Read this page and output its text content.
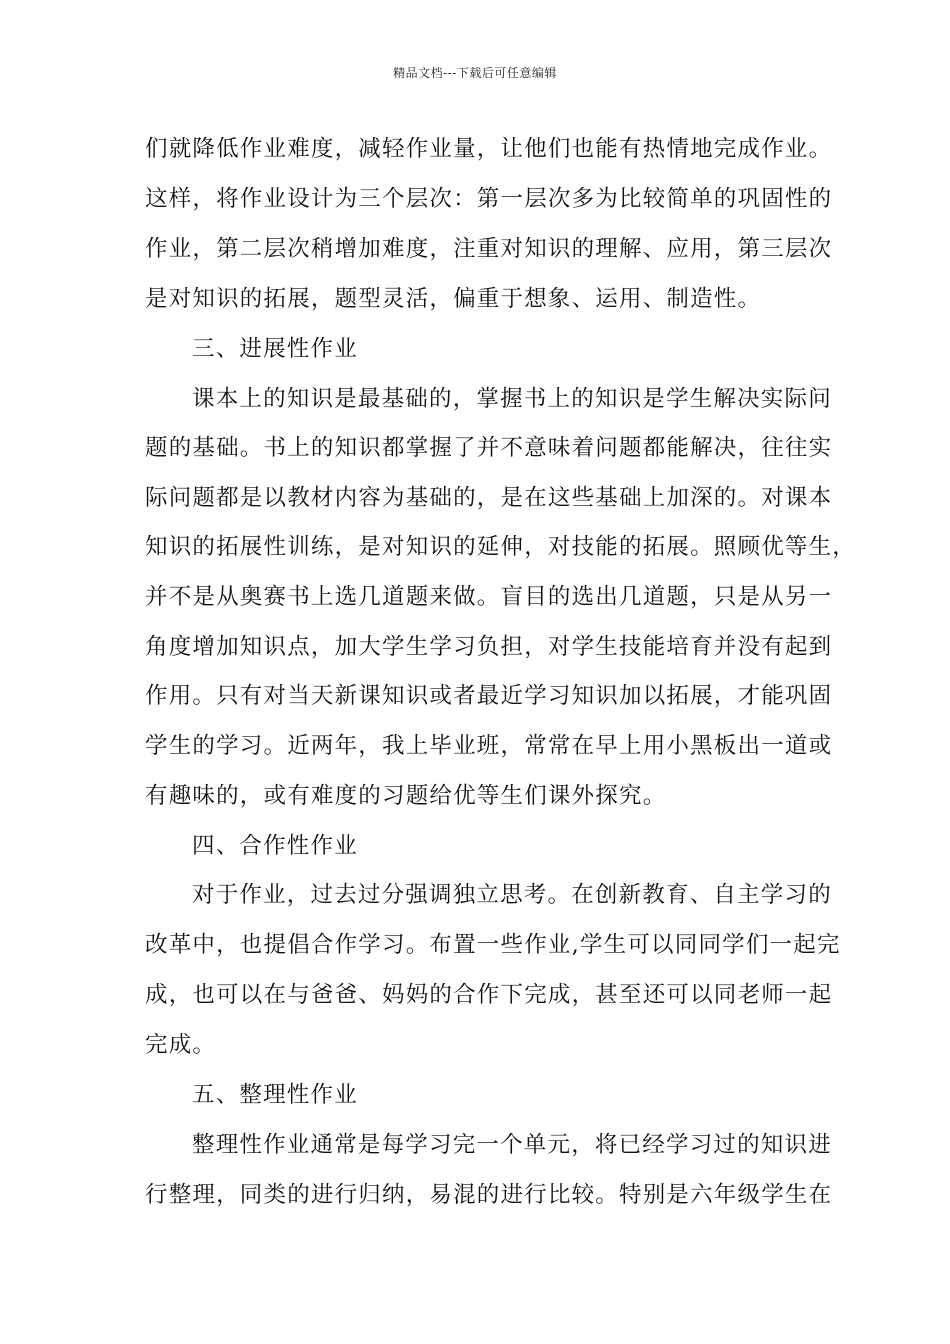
精品文档---下载后可任意编辑
们就降低作业难度，减轻作业量，让他们也能有热情地完成作业。
这样，将作业设计为三个层次：第一层次多为比较简单的巩固性的
作业，第二层次稍增加难度，注重对知识的理解、应用，第三层次
是对知识的拓展，题型灵活，偏重于想象、运用、制造性。
三、进展性作业
课本上的知识是最基础的，掌握书上的知识是学生解决实际问
题的基础。书上的知识都掌握了并不意味着问题都能解决，往往实
际问题都是以教材内容为基础的，是在这些基础上加深的。对课本
知识的拓展性训练，是对知识的延伸，对技能的拓展。照顾优等生，
并不是从奥赛书上选几道题来做。盲目的选出几道题，只是从另一
角度增加知识点，加大学生学习负担，对学生技能培育并没有起到
作用。只有对当天新课知识或者最近学习知识加以拓展，才能巩固
学生的学习。近两年，我上毕业班，常常在早上用小黑板出一道或
有趣味的，或有难度的习题给优等生们课外探究。
四、合作性作业
对于作业，过去过分强调独立思考。在创新教育、自主学习的
改革中，也提倡合作学习。布置一些作业,学生可以同同学们一起完
成，也可以在与爸爸、妈妈的合作下完成，甚至还可以同老师一起
完成。
五、整理性作业
整理性作业通常是每学习完一个单元，将已经学习过的知识进
行整理，同类的进行归纳，易混的进行比较。特别是六年级学生在
